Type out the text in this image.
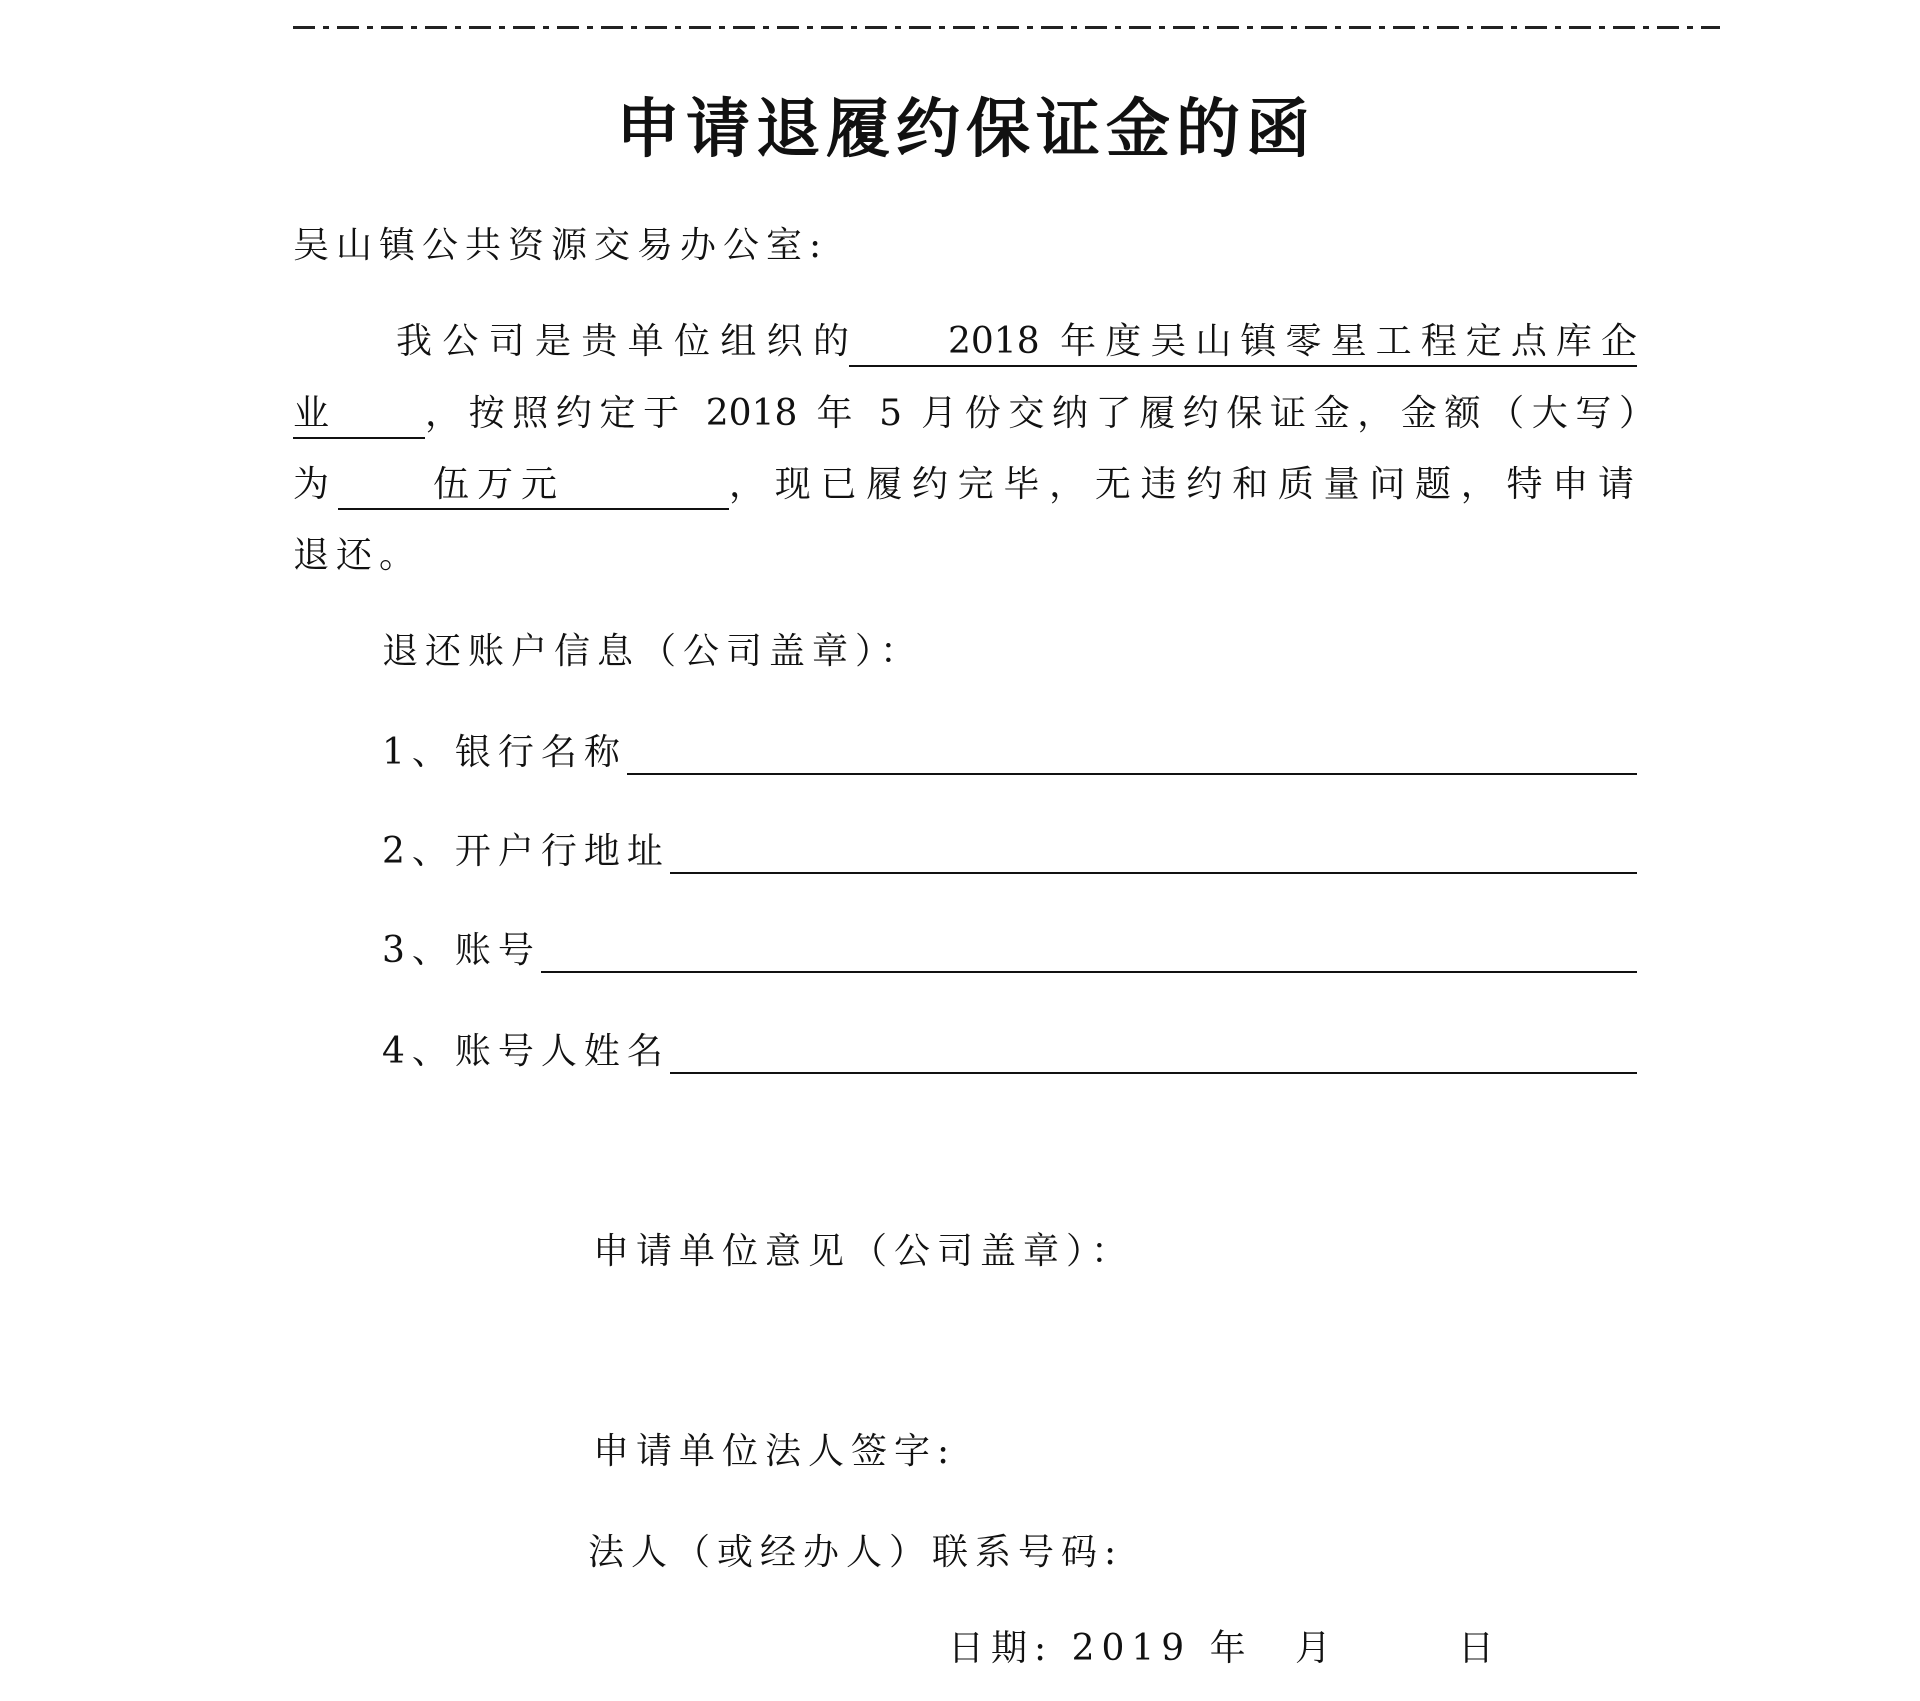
申请退履约保证金的函
吴山镇公共资源交易办公室:
我公司是贵单位组织的	2018 年度吴山镇零星工程定点库企
业	，按照约定于 2018 年 5 月份交纳了履约保证金，金额（大写）
为	伍万元	，现已履约完毕，无违约和质量问题，特申请
退还。
退还账户信息（公司盖章）：
1、银行名称
2、开户行地址
3、账号
4、账号人姓名
申请单位意见（公司盖章）：
申请单位法人签字:
法人（或经办人）联系号码:
日期: 2019 年 月	日
